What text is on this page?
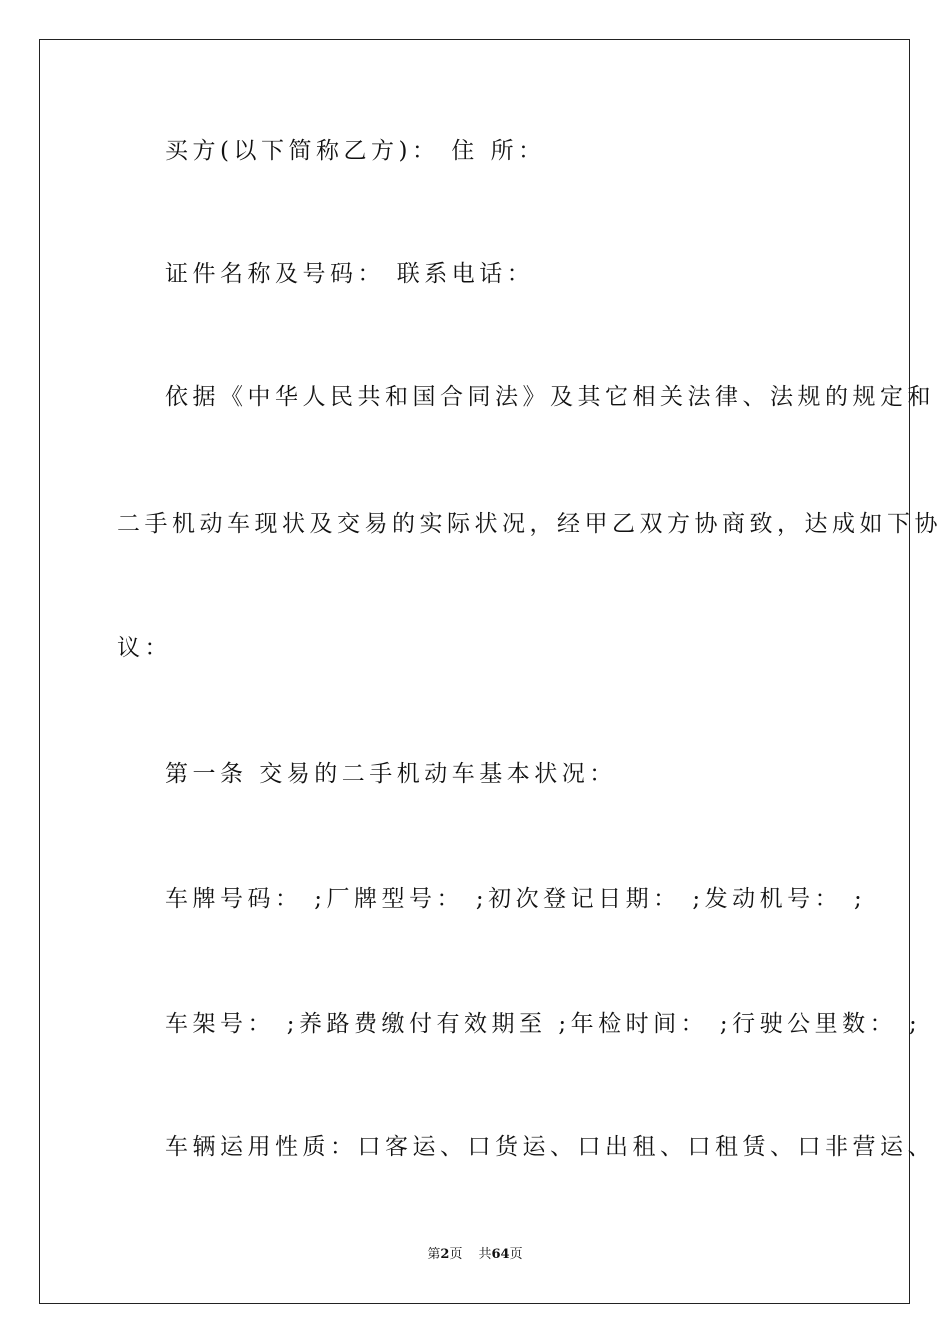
买方(以下简称乙方)： 住 所：
证件名称及号码： 联系电话：
依据《中华人民共和国合同法》及其它相关法律、法规的规定和
二手机动车现状及交易的实际状况，经甲乙双方协商致，达成如下协
议：
第一条 交易的二手机动车基本状况：
车牌号码： ;厂牌型号： ;初次登记日期： ;发动机号： ;
车架号： ;养路费缴付有效期至 ;年检时间： ;行驶公里数： ;
车辆运用性质：口客运、口货运、口出租、口租赁、口非营运、
第2页 共64页
